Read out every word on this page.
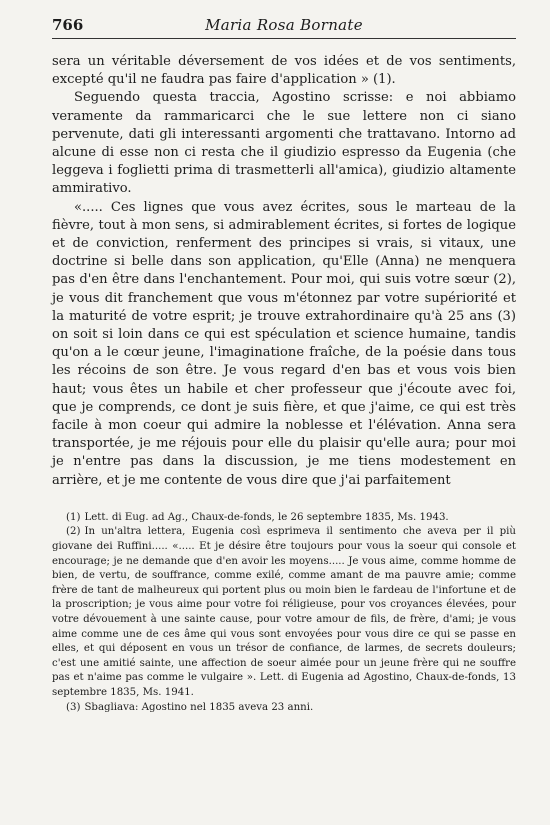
766	Maria Rosa Bornate

sera un véritable déversement de vos idées et de vos sentiments, excepté qu'il ne faudra pas faire d'application » (1).

Seguendo questa traccia, Agostino scrisse: e noi abbiamo veramente da rammaricarci che le sue lettere non ci siano pervenute, dati gli interessanti argomenti che trattavano. Intorno ad alcune di esse non ci resta che il giudizio espresso da Eugenia (che leggeva i foglietti prima di trasmetterli all'amica), giudizio altamente ammirativo.

«..... Ces lignes que vous avez écrites, sous le marteau de la fièvre, tout à mon sens, si admirablement écrites, si fortes de logique et de conviction, renferment des principes si vrais, si vitaux, une doctrine si belle dans son application, qu'Elle (Anna) ne menquera pas d'en être dans l'enchantement. Pour moi, qui suis votre sœur (2), je vous dit franchement que vous m'étonnez par votre supériorité et la maturité de votre esprit; je trouve extrahordinaire qu'à 25 ans (3) on soit si loin dans ce qui est spéculation et science humaine, tandis qu'on a le cœur jeune, l'imaginatione fraîche, de la poésie dans tous les récoins de son être. Je vous regard d'en bas et vous vois bien haut; vous êtes un habile et cher professeur que j'écoute avec foi, que je comprends, ce dont je suis fière, et que j'aime, ce qui est très facile à mon coeur qui admire la noblesse et l'élévation. Anna sera transportée, je me réjouis pour elle du plaisir qu'elle aura; pour moi je n'entre pas dans la discussion, je me tiens modestement en arrière, et je me contente de vous dire que j'ai parfaitement

(1) Lett. di Eug. ad Ag., Chaux-de-fonds, le 26 septembre 1835, Ms. 1943.

(2) In un'altra lettera, Eugenia così esprimeva il sentimento che aveva per il più giovane dei Ruffini..... «..... Et je désire être toujours pour vous la soeur qui console et encourage; je ne demande que d'en avoir les moyens..... Je vous aime, comme homme de bien, de vertu, de souffrance, comme exilé, comme amant de ma pauvre amie; comme frère de tant de malheureux qui portent plus ou moin bien le fardeau de l'infortune et de la proscription; je vous aime pour votre foi réligieuse, pour vos croyances élevées, pour votre dévouement à une sainte cause, pour votre amour de fils, de frère, d'ami; je vous aime comme une de ces âme qui vous sont envoyées pour vous dire ce qui se passe en elles, et qui déposent en vous un trésor de confiance, de larmes, de secrets douleurs; c'est une amitié sainte, une affection de soeur aimée pour un jeune frère qui ne souffre pas et n'aime pas comme le vulgaire ». Lett. di Eugenia ad Agostino, Chaux-de-fonds, 13 septembre 1835, Ms. 1941.

(3) Sbagliava: Agostino nel 1835 aveva 23 anni.
